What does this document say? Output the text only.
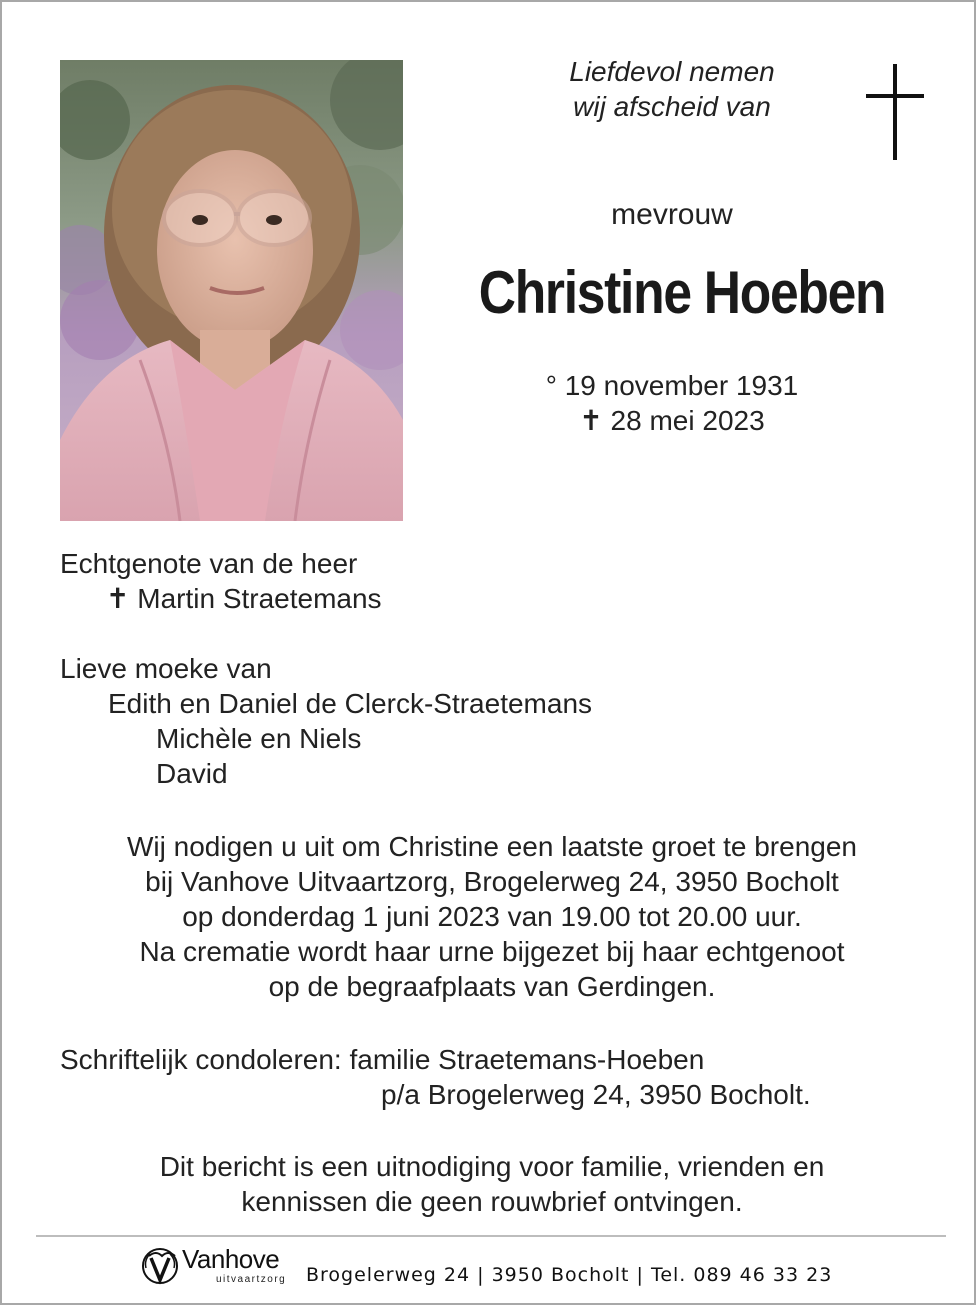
Liefdevol nemen
wij afscheid van
mevrouw
Christine Hoeben
° 19 november 1931
✝ 28 mei 2023
Echtgenote van de heer
✝ Martin Straetemans
Lieve moeke van
Edith en Daniel de Clerck-Straetemans
Michèle en Niels
David
Wij nodigen u uit om Christine een laatste groet te brengen
bij Vanhove Uitvaartzorg, Brogelerweg 24, 3950 Bocholt
op donderdag 1 juni 2023 van 19.00 tot 20.00 uur.
Na crematie wordt haar urne bijgezet bij haar echtgenoot
op de begraafplaats van Gerdingen.
Schriftelijk condoleren: familie Straetemans-Hoeben
p/a Brogelerweg 24, 3950 Bocholt.
Dit bericht is een uitnodiging voor familie, vrienden en
kennissen die geen rouwbrief ontvingen.
Vanhove
uitvaartzorg Brogelerweg 24 | 3950 Bocholt | Tel. 089 46 33 23
